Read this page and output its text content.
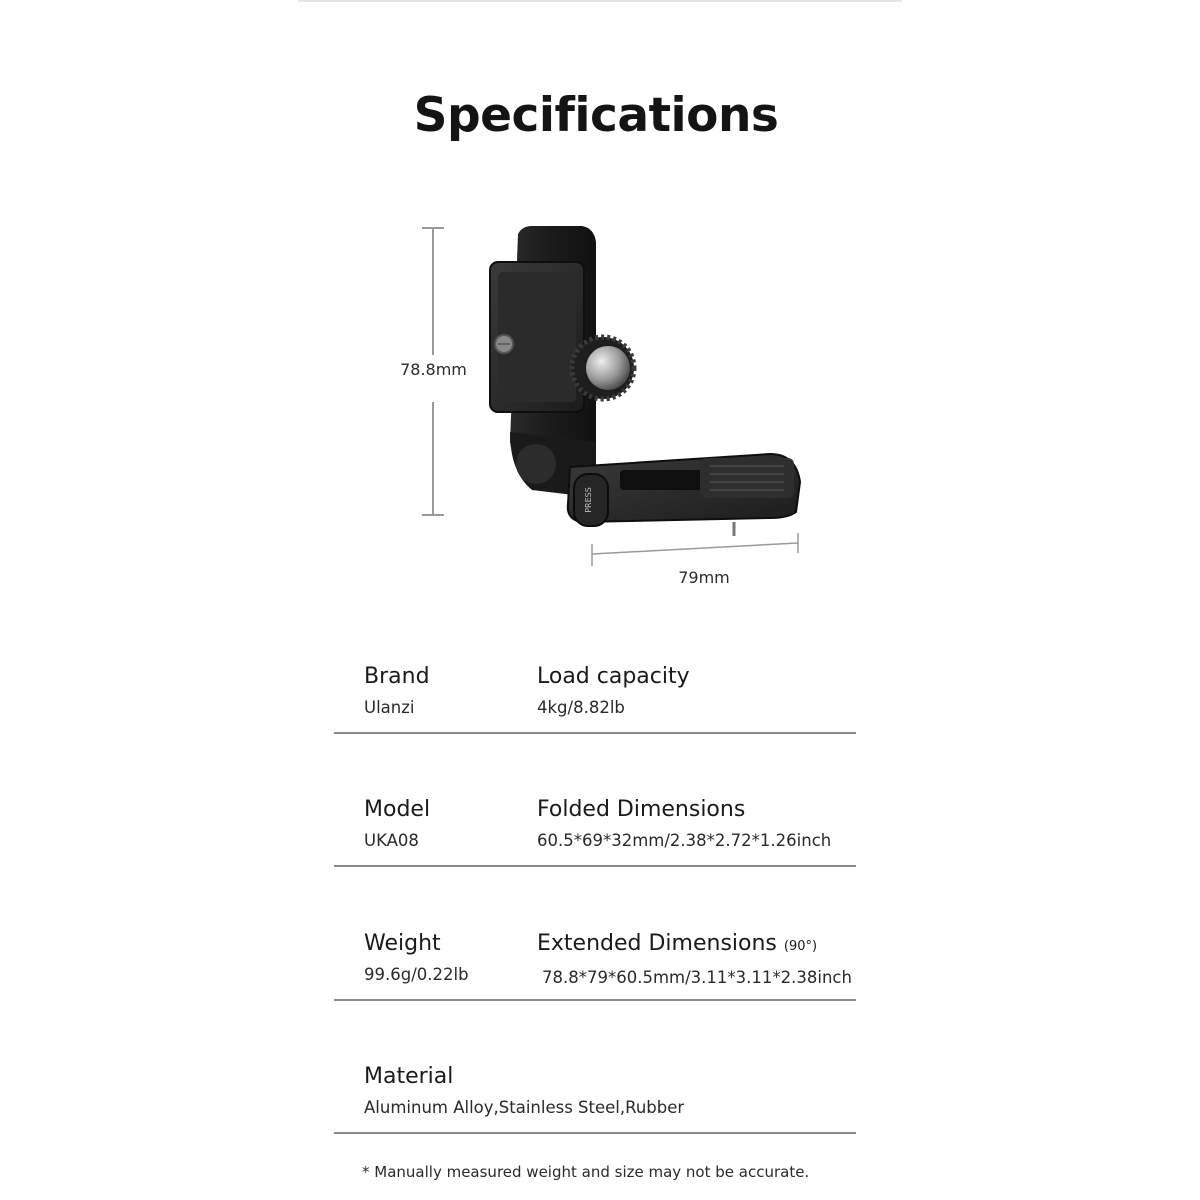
Specifications
78.8mm
79mm
PRESS
Brand
Ulanzi
Load capacity
4kg/8.82lb
Model
UKA08
Folded Dimensions
60.5*69*32mm/2.38*2.72*1.26inch
Weight
99.6g/0.22lb
Extended Dimensions (90°)
78.8*79*60.5mm/3.11*3.11*2.38inch
Material
Aluminum Alloy,Stainless Steel,Rubber
* Manually measured weight and size may not be accurate.
